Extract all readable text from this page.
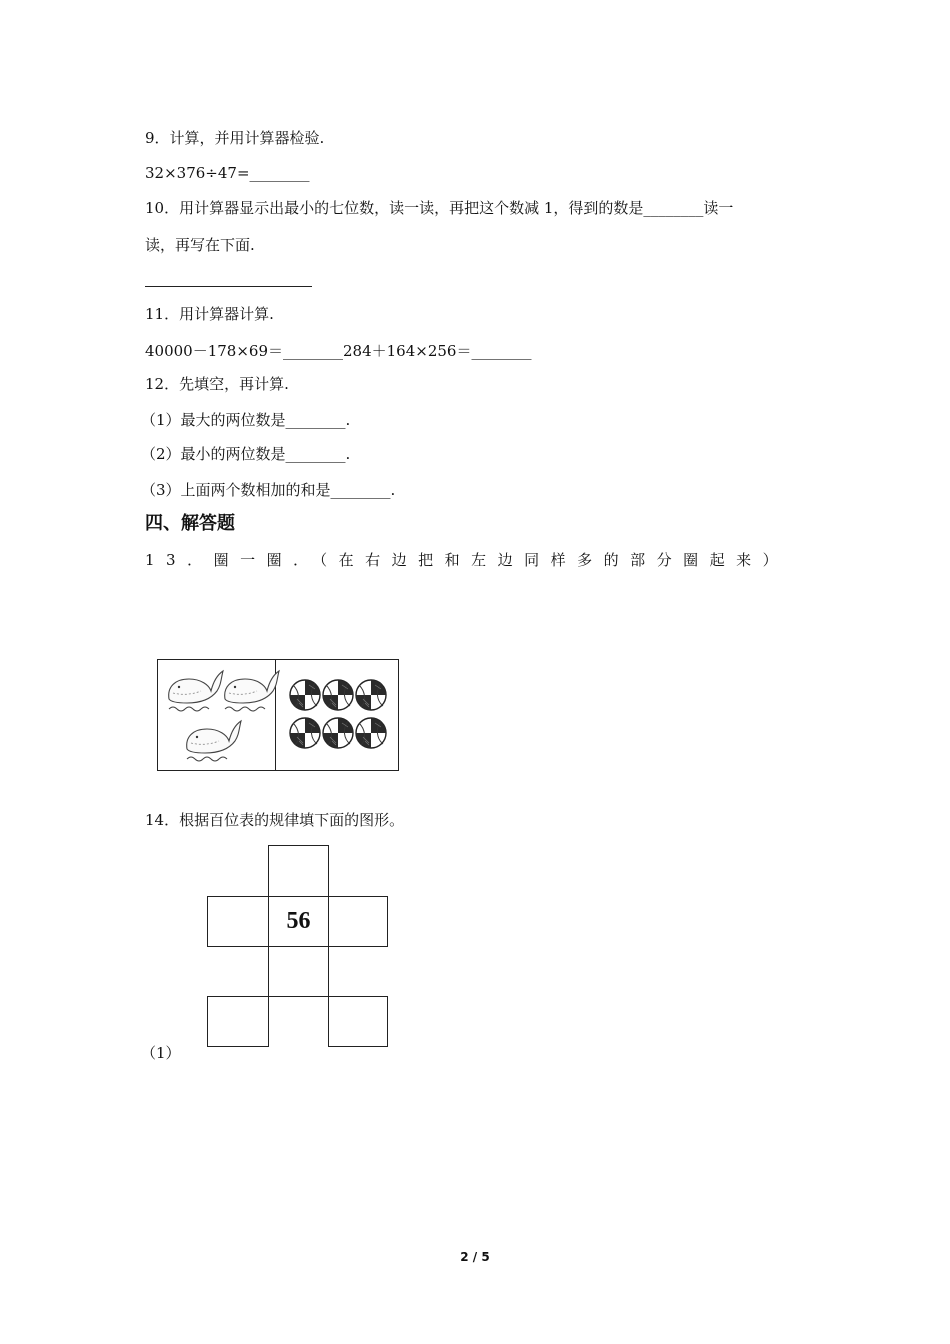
9．计算，并用计算器检验.
32×376÷47=________
10．用计算器显示出最小的七位数，读一读，再把这个数减 1，得到的数是________读一
读，再写在下面.
11．用计算器计算.
40000－178×69＝________284＋164×256＝________
12．先填空，再计算.
（1）最大的两位数是________.
（2）最小的两位数是________.
（3）上面两个数相加的和是________.
四、解答题
13．圈一圈．（在右边把和左边同样多的部分圈起来）
14．根据百位表的规律填下面的图形。
56
（1）
2 / 5
